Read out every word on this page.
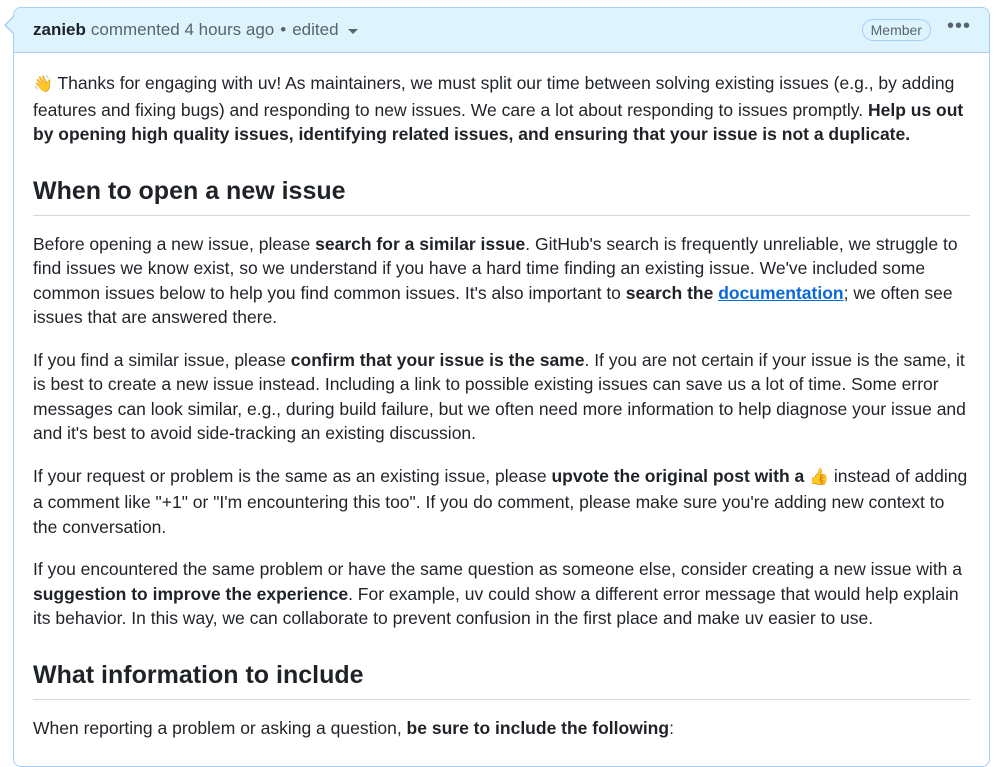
zanieb commented 4 hours ago • edited	Member	•••

👋 Thanks for engaging with uv! As maintainers, we must split our time between solving existing issues (e.g., by adding features and fixing bugs) and responding to new issues. We care a lot about responding to issues promptly. Help us out by opening high quality issues, identifying related issues, and ensuring that your issue is not a duplicate.

When to open a new issue

Before opening a new issue, please search for a similar issue. GitHub's search is frequently unreliable, we struggle to find issues we know exist, so we understand if you have a hard time finding an existing issue. We've included some common issues below to help you find common issues. It's also important to search the documentation; we often see issues that are answered there.

If you find a similar issue, please confirm that your issue is the same. If you are not certain if your issue is the same, it is best to create a new issue instead. Including a link to possible existing issues can save us a lot of time. Some error messages can look similar, e.g., during build failure, but we often need more information to help diagnose your issue and and it's best to avoid side-tracking an existing discussion.

If your request or problem is the same as an existing issue, please upvote the original post with a 👍 instead of adding a comment like "+1" or "I'm encountering this too". If you do comment, please make sure you're adding new context to the conversation.

If you encountered the same problem or have the same question as someone else, consider creating a new issue with a suggestion to improve the experience. For example, uv could show a different error message that would help explain its behavior. In this way, we can collaborate to prevent confusion in the first place and make uv easier to use.

What information to include

When reporting a problem or asking a question, be sure to include the following:
